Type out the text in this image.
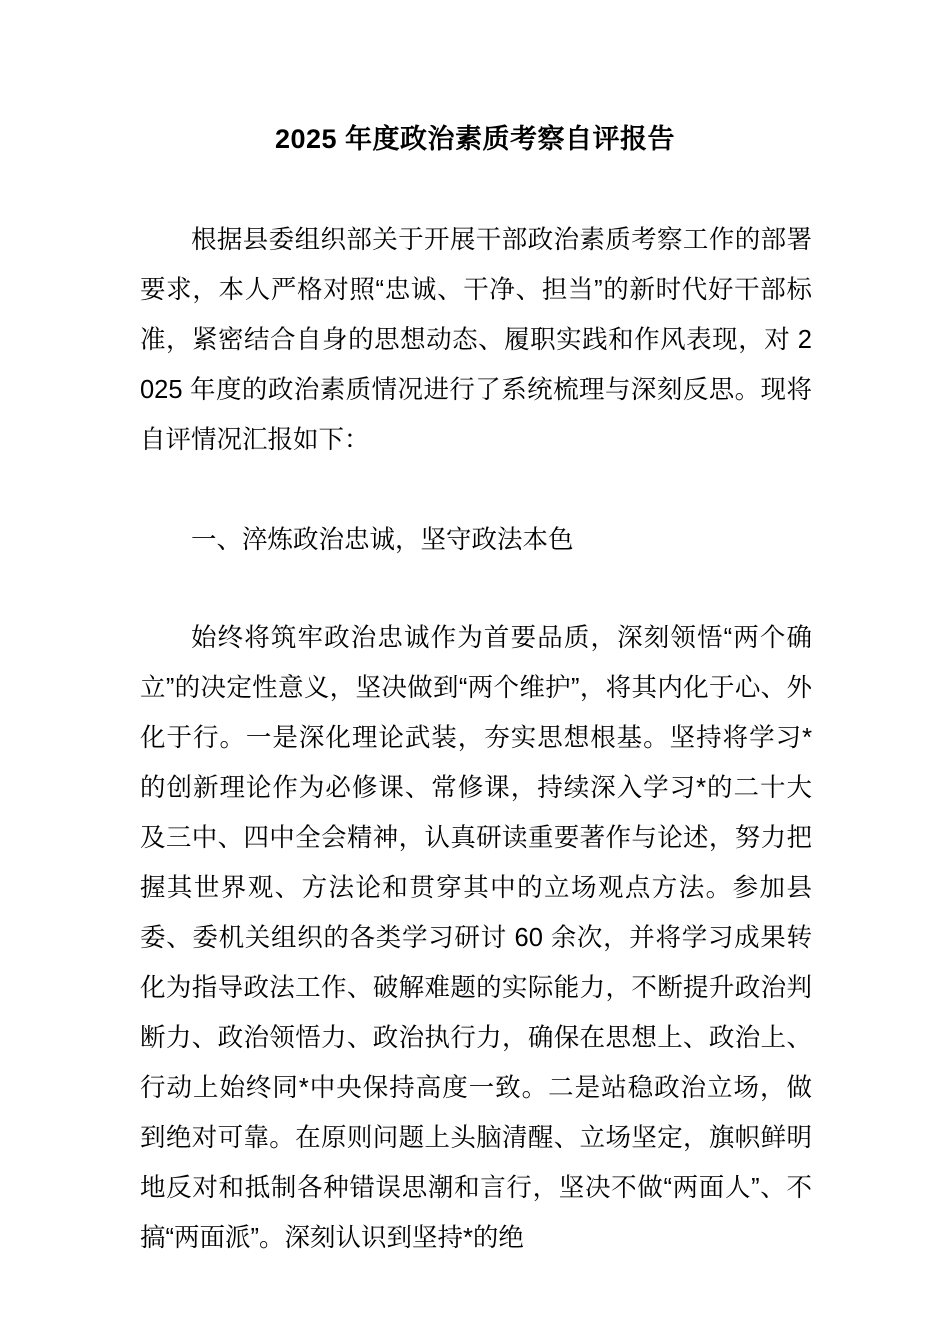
2025 年度政治素质考察自评报告

根据县委组织部关于开展干部政治素质考察工作的部署要求，本人严格对照“忠诚、干净、担当”的新时代好干部标准，紧密结合自身的思想动态、履职实践和作风表现，对 2025 年度的政治素质情况进行了系统梳理与深刻反思。现将自评情况汇报如下：

一、淬炼政治忠诚，坚守政法本色

始终将筑牢政治忠诚作为首要品质，深刻领悟“两个确立”的决定性意义，坚决做到“两个维护”，将其内化于心、外化于行。一是深化理论武装，夯实思想根基。坚持将学习*的创新理论作为必修课、常修课，持续深入学习*的二十大及三中、四中全会精神，认真研读重要著作与论述，努力把握其世界观、方法论和贯穿其中的立场观点方法。参加县委、委机关组织的各类学习研讨 60 余次，并将学习成果转化为指导政法工作、破解难题的实际能力，不断提升政治判断力、政治领悟力、政治执行力，确保在思想上、政治上、行动上始终同*中央保持高度一致。二是站稳政治立场，做到绝对可靠。在原则问题上头脑清醒、立场坚定，旗帜鲜明地反对和抵制各种错误思潮和言行，坚决不做“两面人”、不搞“两面派”。深刻认识到坚持*的绝
